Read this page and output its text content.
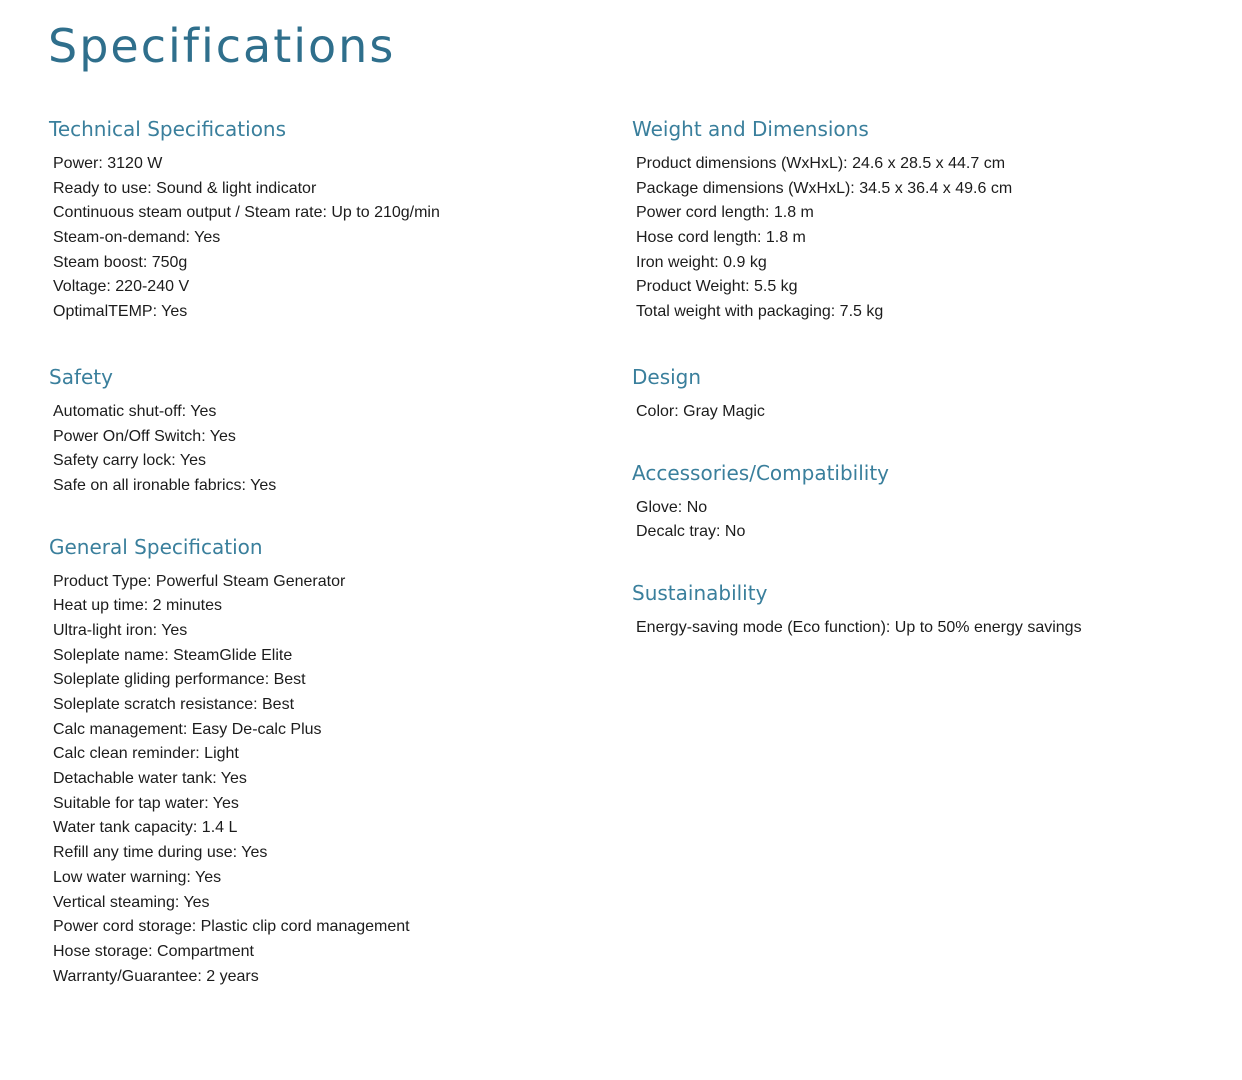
Specifications
Technical Specifications
Power: 3120 W
Ready to use: Sound & light indicator
Continuous steam output / Steam rate: Up to 210g/min
Steam-on-demand: Yes
Steam boost: 750g
Voltage: 220-240 V
OptimalTEMP: Yes
Safety
Automatic shut-off: Yes
Power On/Off Switch: Yes
Safety carry lock: Yes
Safe on all ironable fabrics: Yes
General Specification
Product Type: Powerful Steam Generator
Heat up time: 2 minutes
Ultra-light iron: Yes
Soleplate name: SteamGlide Elite
Soleplate gliding performance: Best
Soleplate scratch resistance: Best
Calc management: Easy De-calc Plus
Calc clean reminder: Light
Detachable water tank: Yes
Suitable for tap water: Yes
Water tank capacity: 1.4 L
Refill any time during use: Yes
Low water warning: Yes
Vertical steaming: Yes
Power cord storage: Plastic clip cord management
Hose storage: Compartment
Warranty/Guarantee: 2 years
Weight and Dimensions
Product dimensions (WxHxL): 24.6 x 28.5 x 44.7 cm
Package dimensions (WxHxL): 34.5 x 36.4 x 49.6 cm
Power cord length: 1.8 m
Hose cord length: 1.8 m
Iron weight: 0.9 kg
Product Weight: 5.5 kg
Total weight with packaging: 7.5 kg
Design
Color: Gray Magic
Accessories/Compatibility
Glove: No
Decalc tray: No
Sustainability
Energy-saving mode (Eco function): Up to 50% energy savings
